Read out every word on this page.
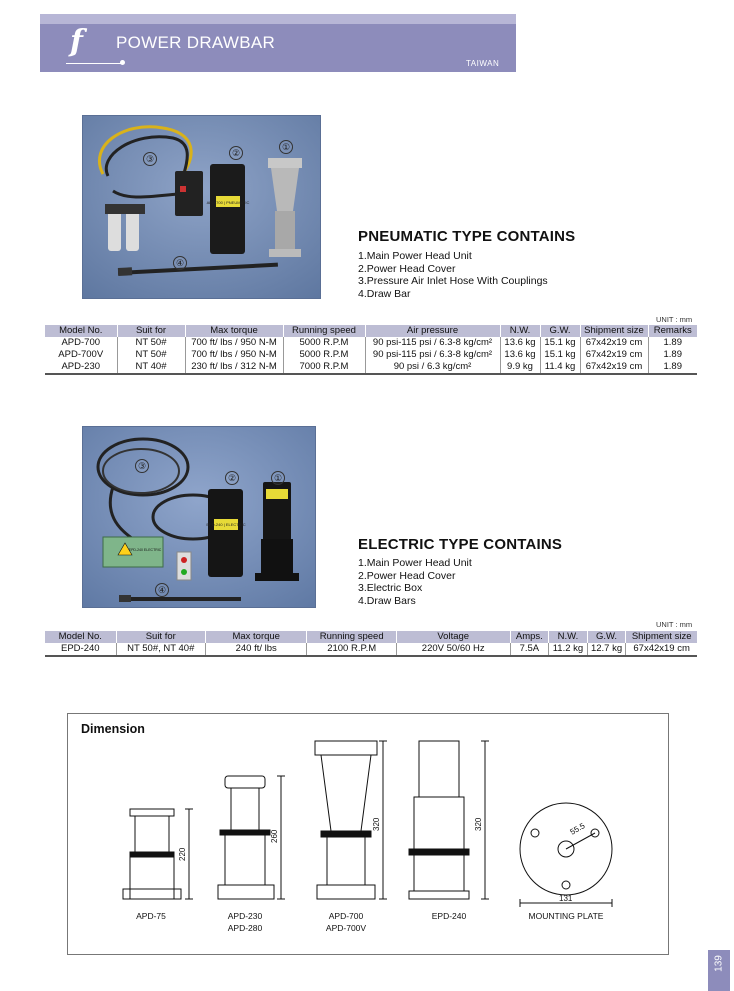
f	POWER DRAWBAR
TAIWAN
APD-700 | PNEUMATIC
③
②
①
④
PNEUMATIC TYPE CONTAINS
1.Main Power Head Unit
2.Power Head Cover
3.Pressure Air Inlet Hose With Couplings
4.Draw Bar
UNIT : mm
Model No.	Suit for	Max torque	Running speed	Air pressure	N.W.	G.W.	Shipment size	Remarks
APD-700	NT 50#	700 ft/ lbs / 950 N-M	5000 R.P.M	90 psi-115 psi / 6.3-8 kg/cm²	13.6 kg	15.1 kg	67x42x19 cm	1.89
APD-700V	NT 50#	700 ft/ lbs / 950 N-M	5000 R.P.M	90 psi-115 psi / 6.3-8 kg/cm²	13.6 kg	15.1 kg	67x42x19 cm	1.89
APD-230	NT 40#	230 ft/ lbs / 312 N-M	7000 R.P.M	90 psi / 6.3 kg/cm²	9.9 kg	11.4 kg	67x42x19 cm	1.89
EPD-240 ELECTRIC
EPD-240 | ELECTRIC
③
②	①
④
ELECTRIC TYPE CONTAINS
1.Main Power Head Unit
2.Power Head Cover
3.Electric Box
4.Draw Bars
UNIT : mm
Model No.	Suit for	Max torque	Running speed	Voltage	Amps.	N.W.	G.W.	Shipment size
EPD-240	NT 50#, NT 40#	240 ft/ lbs	2100 R.P.M	220V 50/60 Hz	7.5A	11.2 kg	12.7 kg	67x42x19 cm
Dimension
220
260
320	320	55.5
131
APD-75	APD-230
APD-280
APD-700
APD-700V
EPD-240	MOUNTING PLATE
139
